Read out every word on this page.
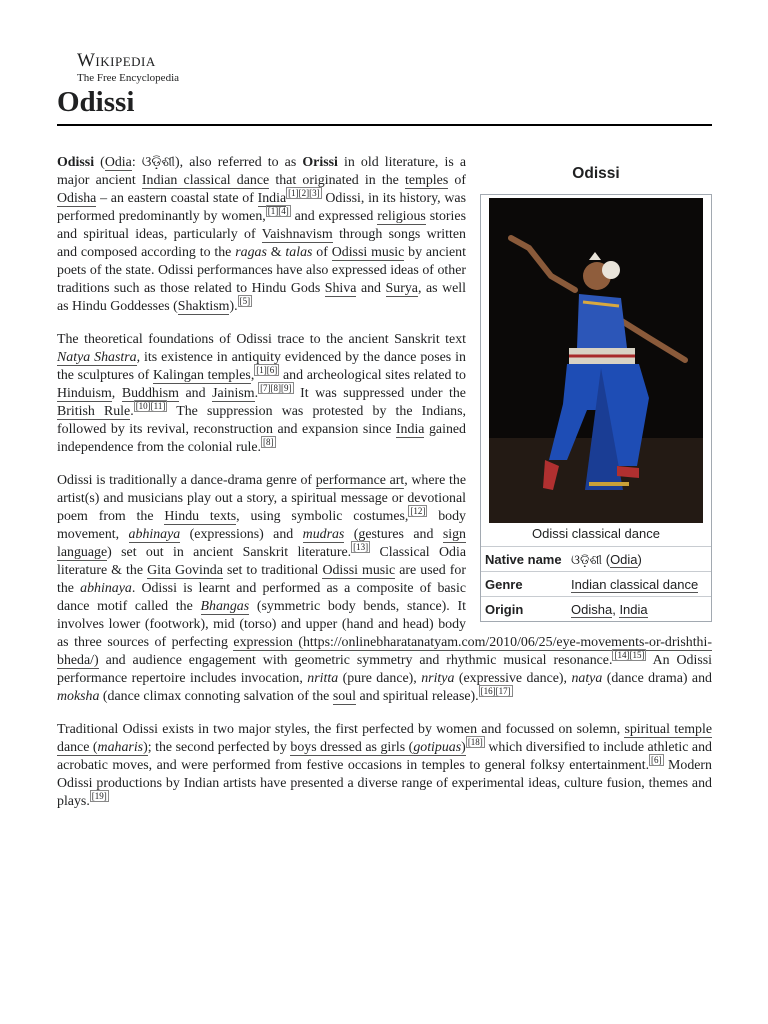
Wikipedia
The Free Encyclopedia
Odissi
Odissi
Odissi classical dance
Native name ଓଡ଼ିଶୀ (Odia)
Genre	Indian classical dance
Origin	Odisha, India

Odissi (Odia: ଓଡ଼ିଶୀ), also referred to as Orissi in old literature, is a major ancient Indian classical dance that originated in the temples of Odisha – an eastern coastal state of India [1][2][3] Odissi, in its history, was performed predominantly by women, [1][4] and expressed religious stories and spiritual ideas, particularly of Vaishnavism through songs written and composed according to the ragas & talas of Odissi music by ancient poets of the state. Odissi performances have also expressed ideas of other traditions such as those related to Hindu Gods Shiva and Surya, as well as Hindu Goddesses (Shaktism). [5]

The theoretical foundations of Odissi trace to the ancient Sanskrit text Natya Shastra, its existence in antiquity evidenced by the dance poses in the sculptures of Kalingan temples, [1][6] and archeological sites related to Hinduism, Buddhism and Jainism. [7][8][9] It was suppressed under the British Rule. [10][11] The suppression was protested by the Indians, followed by its revival, reconstruction and expansion since India gained independence from the colonial rule. [8]

Odissi is traditionally a dance-drama genre of performance art, where the artist(s) and musicians play out a story, a spiritual message or devotional poem from the Hindu texts, using symbolic costumes, [12] body movement, abhinaya (expressions) and mudras (gestures and sign language) set out in ancient Sanskrit literature. [13] Classical Odia literature & the Gita Govinda set to traditional Odissi music are used for the abhinaya. Odissi is learnt and performed as a composite of basic dance motif called the Bhangas (symmetric body bends, stance). It involves lower (footwork), mid (torso) and upper (hand and head) body as three sources of perfecting expression (https://onlinebharatanatyam.com/2010/06/25/eye-movements-or-drishthi-bheda/) and audience engagement with geometric symmetry and rhythmic musical resonance. [14][15] An Odissi performance repertoire includes invocation, nritta (pure dance), nritya (expressive dance), natya (dance drama) and moksha (dance climax connoting salvation of the soul and spiritual release). [16][17]

Traditional Odissi exists in two major styles, the first perfected by women and focussed on solemn, spiritual temple dance (maharis); the second perfected by boys dressed as girls (gotipuas) [18] which diversified to include athletic and acrobatic moves, and were performed from festive occasions in temples to general folksy entertainment. [6] Modern Odissi productions by Indian artists have presented a diverse range of experimental ideas, culture fusion, themes and plays. [19]
